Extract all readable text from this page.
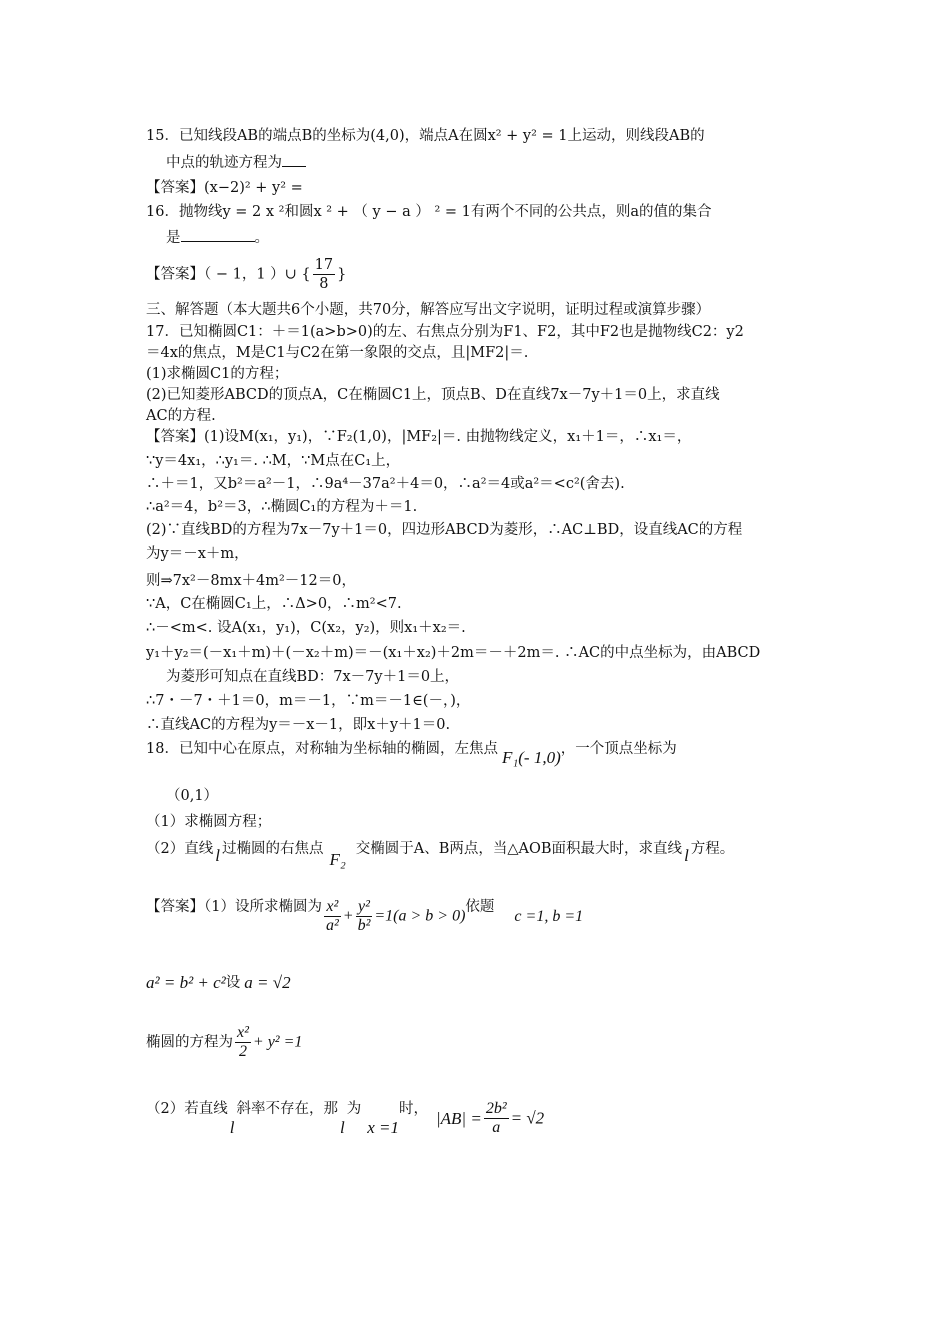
15．已知线段AB的端点B的坐标为(4,0)，端点A在圆x² + y² = 1上运动，则线段AB的
中点的轨迹方程为
【答案】(x−2)² + y² =
16．抛物线y = 2 x ²和圆x ² + （ y − a ） ² = 1有两个不同的公共点，则a的值的集合
是	。
【答案】（ − 1，1 ）∪ { $\frac{17}{8}$ }
三、解答题（本大题共6个小题，共70分，解答应写出文字说明，证明过程或演算步骤）
17．已知椭圆C1：＋＝1(a>b>0)的左、右焦点分别为F1、F2，其中F2也是抛物线C2：y2
＝4x的焦点，M是C1与C2在第一象限的交点，且|MF2|＝.
(1)求椭圆C1的方程；
(2)已知菱形ABCD的顶点A，C在椭圆C1上，顶点B、D在直线7x－7y＋1＝0上，求直线
AC的方程.
【答案】(1)设M(x₁，y₁)，∵F₂(1,0)，|MF₂|＝. 由抛物线定义，x₁＋1＝，∴x₁＝，
∵y＝4x₁，∴y₁＝. ∴M，∵M点在C₁上，
∴＋＝1，又b²＝a²－1，∴9a⁴－37a²＋4＝0，∴a²＝4或a²＝<c²(舍去).
∴a²＝4，b²＝3，∴椭圆C₁的方程为＋＝1.
(2)∵直线BD的方程为7x－7y＋1＝0，四边形ABCD为菱形，∴AC⊥BD，设直线AC的方程
为y＝－x＋m，
则⇒7x²－8mx＋4m²－12＝0，
∵A，C在椭圆C₁上，∴Δ>0，∴m²<7.
∴－<m<. 设A(x₁，y₁)，C(x₂，y₂)，则x₁＋x₂＝.
y₁＋y₂＝(－x₁＋m)＋(－x₂＋m)＝－(x₁＋x₂)＋2m＝－＋2m＝. ∴AC的中点坐标为，由ABCD
为菱形可知点在直线BD：7x－7y＋1＝0上，
∴7・－7・＋1＝0，m＝－1，∵m＝－1∈(－，)，
∴直线AC的方程为y＝－x－1，即x＋y＋1＝0.
18．已知中心在原点，对称轴为坐标轴的椭圆，左焦点 F₁(- 1,0)，一个顶点坐标为
（0,1）
（1）求椭圆方程；
（2）直线 l 过椭圆的右焦点F₂交椭圆于A、B两点，当△AOB面积最大时，求直线 l 方程。
【答案】（1）设所求椭圆为 $\frac{\text{x²}}{\text{a²}} + \frac{\text{y²}}{\text{b²}} =1(a > b > 0)$依题c =1, b =1
a² = b² + c²设 a = √2
椭圆的方程为 $\frac{\text{x²}}{2} + y^2 =1$
（2）若直线l斜率不存在，那l为x =1时， $|AB| = \frac{\text{2b²}}{a} = √2$
